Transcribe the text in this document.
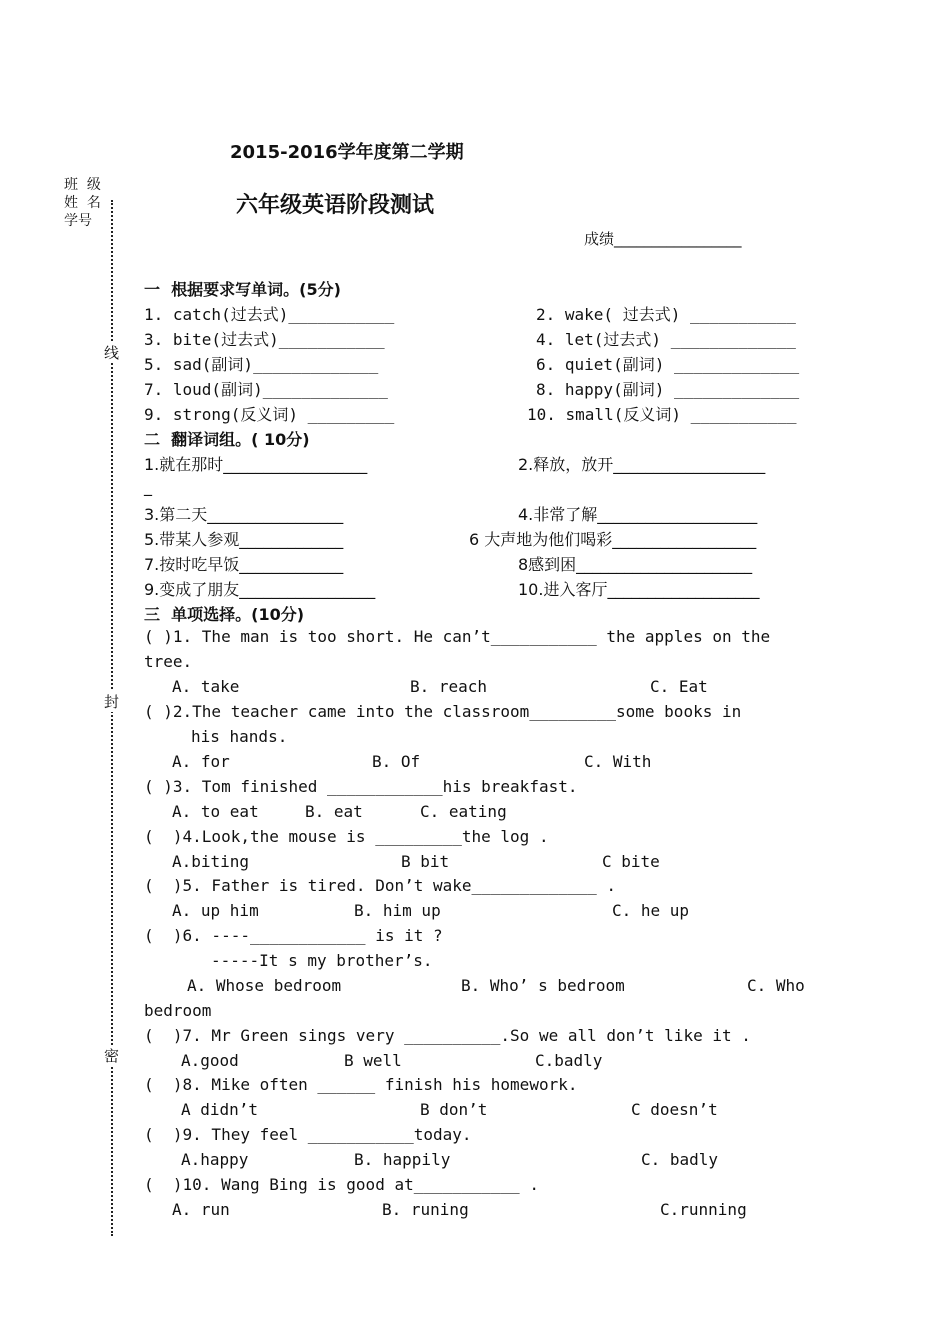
2015-2016学年度第二学期
六年级英语阶段测试
成绩_________________
班  级
姓  名
学号
线
封
密
一  根据要求写单词。(5分)
1. catch(过去式)___________	2. wake( 过去式) ___________
3. bite(过去式)___________	4. let(过去式) _____________
5. sad(副词)_____________	6. quiet(副词) _____________
7. loud(副词)_____________	8. happy(副词) _____________
9. strong(反义词) _________	10. small(反义词) ___________
二  翻译词组。( 10分)
1.就在那时__________________	2.释放，放开___________________
_
3.第二天_________________	4.非常了解____________________
5.带某人参观_____________	6 大声地为他们喝彩__________________
7.按时吃早饭_____________	8感到困______________________
9.变成了朋友_________________	10.进入客厅___________________
三  单项选择。(10分)
( )1. The man is too short. He can’t___________ the apples on the
tree.
A. take	B. reach	C. Eat
( )2.The teacher came into the classroom_________some books in
his hands.
A. for	B. Of	C. With
( )3. Tom finished ____________his breakfast.
A. to eat	B. eat	C. eating
(  )4.Look,the mouse is _________the log .
A.biting	B bit	C bite
(  )5. Father is tired. Don’t wake_____________ .
A. up him	B. him up	C. he up
(  )6. ----____________ is it ?
-----It s my brother’s.
A. Whose bedroom	B. Who’ s bedroom	C. Who
bedroom
(  )7. Mr Green sings very __________.So we all don’t like it .
A.good	B well	C.badly
(  )8. Mike often ______ finish his homework.
A didn’t	B don’t	C doesn’t
(  )9. They feel ___________today.
A.happy	B. happily	C. badly
(  )10. Wang Bing is good at___________ .
A. run	B. runing	C.running
